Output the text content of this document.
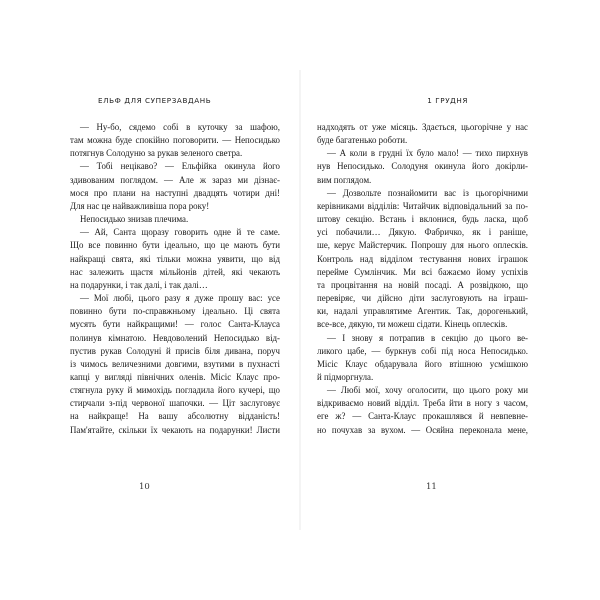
ЕЛЬФ ДЛЯ СУПЕРЗАВДАНЬ
— Ну-бо, сядемо собі в куточку за шафою,
там можна буде спокійно поговорити. — Непосидько
потягнув Солодуню за рукав зеленого светра.
— Тобі нецікаво? — Ельфійка окинула його
здивованим поглядом. — Але ж зараз ми дізнає-
мося про плани на наступні двадцять чотири дні!
Для нас це найважливіша пора року!
Непосидько знизав плечима.
— Ай, Санта щоразу говорить одне й те саме.
Що все повинно бути ідеально, що це мають бути
найкращі свята, які тільки можна уявити, що від
нас залежить щастя мільйонів дітей, які чекають
на подарунки, і так далі, і так далі…
— Мої любі, цього разу я дуже прошу вас: усе
повинно бути по-справжньому ідеально. Ці свята
мусять бути найкращими! — голос Санта-Клауса
полинув кімнатою. Невдоволений Непосидько від-
пустив рукав Солодуні й присів біля дивана, поруч
із чимось величезними довгими, взутими в пухнасті
капці у вигляді північних оленів. Місіс Клаус про-
стягнула руку й мимохідь погладила його кучері, що
стирчали з-під червоної шапочки. — Ціт заслуговує
на найкраще! На вашу абсолютну відданість!
Пам'ятайте, скільки їх чекають на подарунки! Листи
10
1 ГРУДНЯ
надходять от уже місяць. Здається, цьогорічне у нас
буде багатенько роботи.
— А коли в грудні їх було мало! — тихо пирхнув
нув Непосидько. Солодуня окинула його докірли-
вим поглядом.
— Дозвольте познайомити вас із цьогорічними
керівниками відділів: Читайчик відповідальний за по-
штову секцію. Встань і вклонися, будь ласка, щоб
усі побачили… Дякую. Фабричко, як і раніше,
ше, керує Майстерчик. Попрошу для нього оплесків.
Контроль над відділом тестування нових іграшок
перейме Сумлінчик. Ми всі бажаємо йому успіхів
та процвітання на новій посаді. А розвідкою, що
перевіряє, чи дійсно діти заслуговують на іграш-
ки, надалі управлятиме Агентик. Так, дорогенький,
все-все, дякую, ти можеш сідати. Кінець оплесків.
— І знову я потрапив в секцію до цього ве-
ликого цабе, — буркнув собі під носа Непосидько.
Місіс Клаус обдарувала його втішною усмішкою
й підморгнула.
— Любі мої, хочу оголосити, що цього року ми
відкриваємо новий відділ. Треба йти в ногу з часом,
еге ж? — Санта-Клаус прокашлявся й невпевне-
но почухав за вухом. — Осяйна переконала мене,
11
